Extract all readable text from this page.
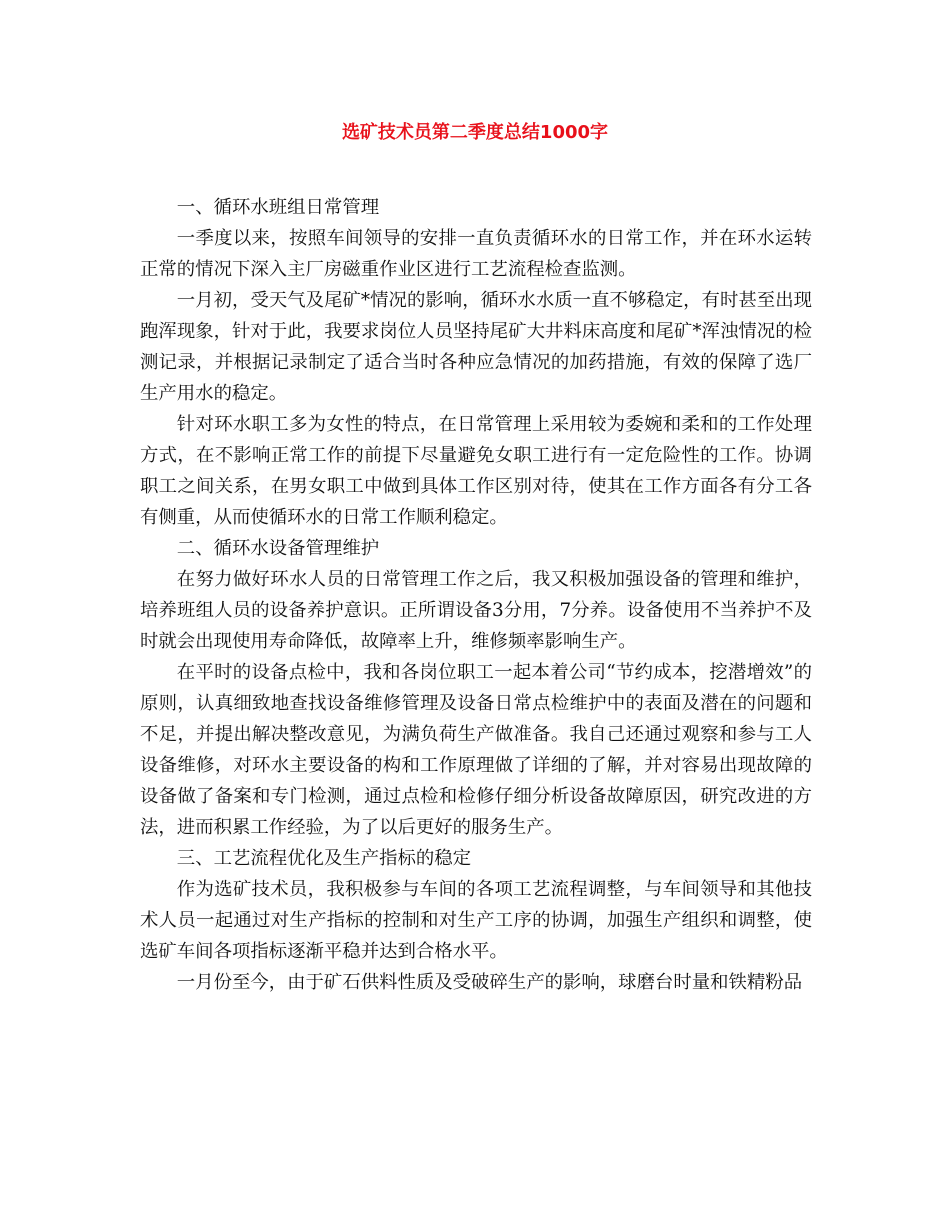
选矿技术员第二季度总结1000字

一、循环水班组日常管理

一季度以来，按照车间领导的安排一直负责循环水的日常工作，并在环水运转正常的情况下深入主厂房磁重作业区进行工艺流程检查监测。

一月初，受天气及尾矿*情况的影响，循环水水质一直不够稳定，有时甚至出现跑浑现象，针对于此，我要求岗位人员坚持尾矿大井料床高度和尾矿*浑浊情况的检测记录，并根据记录制定了适合当时各种应急情况的加药措施，有效的保障了选厂生产用水的稳定。

针对环水职工多为女性的特点，在日常管理上采用较为委婉和柔和的工作处理方式，在不影响正常工作的前提下尽量避免女职工进行有一定危险性的工作。协调职工之间关系，在男女职工中做到具体工作区别对待，使其在工作方面各有分工各有侧重，从而使循环水的日常工作顺利稳定。

二、循环水设备管理维护

在努力做好环水人员的日常管理工作之后，我又积极加强设备的管理和维护，培养班组人员的设备养护意识。正所谓设备3分用，7分养。设备使用不当养护不及时就会出现使用寿命降低，故障率上升，维修频率影响生产。

在平时的设备点检中，我和各岗位职工一起本着公司“节约成本，挖潜增效”的原则，认真细致地查找设备维修管理及设备日常点检维护中的表面及潜在的问题和不足，并提出解决整改意见，为满负荷生产做准备。我自己还通过观察和参与工人设备维修，对环水主要设备的构和工作原理做了详细的了解，并对容易出现故障的设备做了备案和专门检测，通过点检和检修仔细分析设备故障原因，研究改进的方法，进而积累工作经验，为了以后更好的服务生产。

三、工艺流程优化及生产指标的稳定

作为选矿技术员，我积极参与车间的各项工艺流程调整，与车间领导和其他技术人员一起通过对生产指标的控制和对生产工序的协调，加强生产组织和调整，使选矿车间各项指标逐渐平稳并达到合格水平。

一月份至今，由于矿石供料性质及受破碎生产的影响，球磨台时量和铁精粉品
